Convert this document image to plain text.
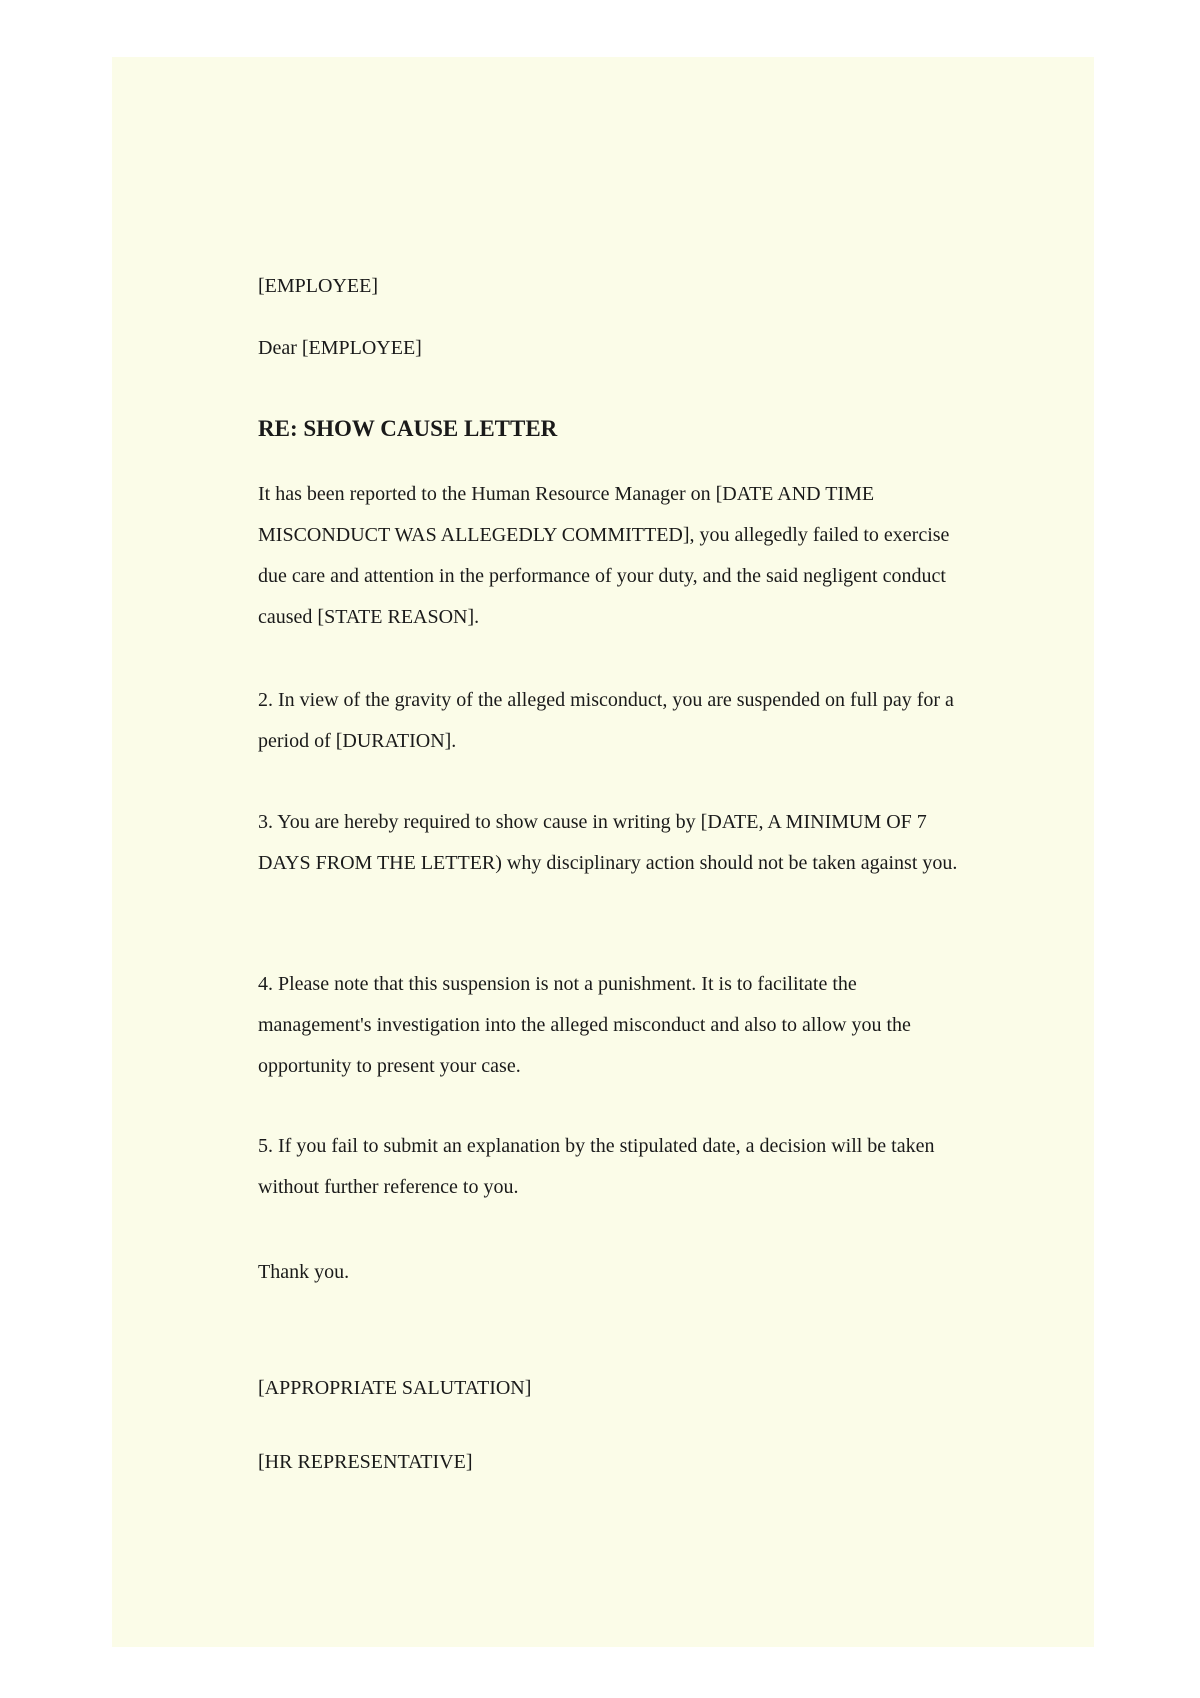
[EMPLOYEE]
Dear [EMPLOYEE]
RE: SHOW CAUSE LETTER
It has been reported to the Human Resource Manager on [DATE AND TIME MISCONDUCT WAS ALLEGEDLY COMMITTED], you allegedly failed to exercise due care and attention in the performance of your duty, and the said negligent conduct caused [STATE REASON].
2. In view of the gravity of the alleged misconduct, you are suspended on full pay for a period of [DURATION].
3. You are hereby required to show cause in writing by [DATE, A MINIMUM OF 7 DAYS FROM THE LETTER) why disciplinary action should not be taken against you.
4. Please note that this suspension is not a punishment. It is to facilitate the management's investigation into the alleged misconduct and also to allow you the opportunity to present your case.
5. If you fail to submit an explanation by the stipulated date, a decision will be taken without further reference to you.
Thank you.
[APPROPRIATE SALUTATION]
[HR REPRESENTATIVE]
